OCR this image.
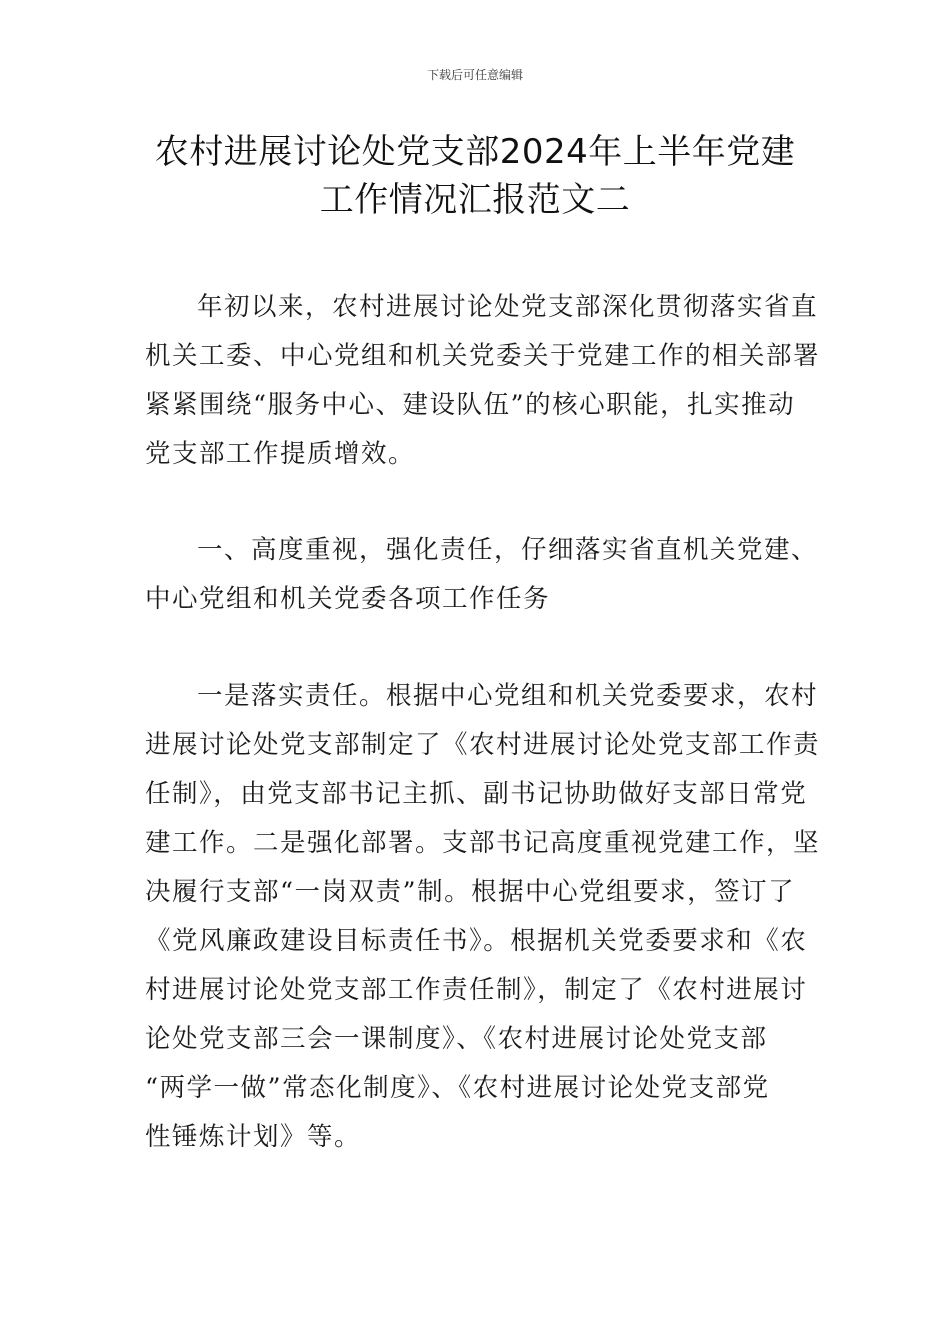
下载后可任意编辑
农村进展讨论处党支部2024年上半年党建
工作情况汇报范文二
年初以来，农村进展讨论处党支部深化贯彻落实省直
机关工委、中心党组和机关党委关于党建工作的相关部署
紧紧围绕“服务中心、建设队伍”的核心职能，扎实推动
党支部工作提质增效。
一、高度重视，强化责任，仔细落实省直机关党建、
中心党组和机关党委各项工作任务
一是落实责任。根据中心党组和机关党委要求，农村
进展讨论处党支部制定了《农村进展讨论处党支部工作责
任制》，由党支部书记主抓、副书记协助做好支部日常党
建工作。二是强化部署。支部书记高度重视党建工作，坚
决履行支部“一岗双责”制。根据中心党组要求，签订了
《党风廉政建设目标责任书》。根据机关党委要求和《农
村进展讨论处党支部工作责任制》，制定了《农村进展讨
论处党支部三会一课制度》、《农村进展讨论处党支部
“两学一做”常态化制度》、《农村进展讨论处党支部党
性锤炼计划》等。
